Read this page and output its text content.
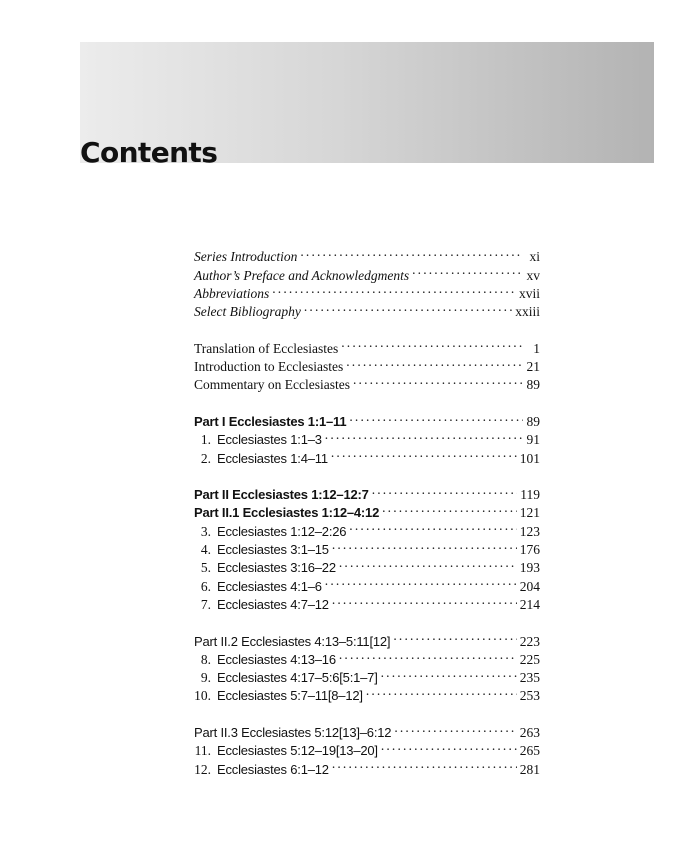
Contents
Series Introduction . . .	xi
Author’s Preface and Acknowledgments . . .	xv
Abbreviations . . .	xvii
Select Bibliography . . .	xxiii
Translation of Ecclesiastes . . .	1
Introduction to Ecclesiastes . . .	21
Commentary on Ecclesiastes . . .	89
Part I Ecclesiastes 1:1–11 . . .	89
1. Ecclesiastes 1:1–3 . . .	91
2. Ecclesiastes 1:4–11 . . .	101
Part II Ecclesiastes 1:12–12:7 . . .	119
Part II.1 Ecclesiastes 1:12–4:12 . . .	121
3. Ecclesiastes 1:12–2:26 . . .	123
4. Ecclesiastes 3:1–15 . . .	176
5. Ecclesiastes 3:16–22 . . .	193
6. Ecclesiastes 4:1–6 . . .	204
7. Ecclesiastes 4:7–12 . . .	214
Part II.2 Ecclesiastes 4:13–5:11[12] . . .	223
8. Ecclesiastes 4:13–16 . . .	225
9. Ecclesiastes 4:17–5:6[5:1–7] . . .	235
10. Ecclesiastes 5:7–11[8–12] . . .	253
Part II.3 Ecclesiastes 5:12[13]–6:12 . . .	263
11. Ecclesiastes 5:12–19[13–20] . . .	265
12. Ecclesiastes 6:1–12 . . .	281
